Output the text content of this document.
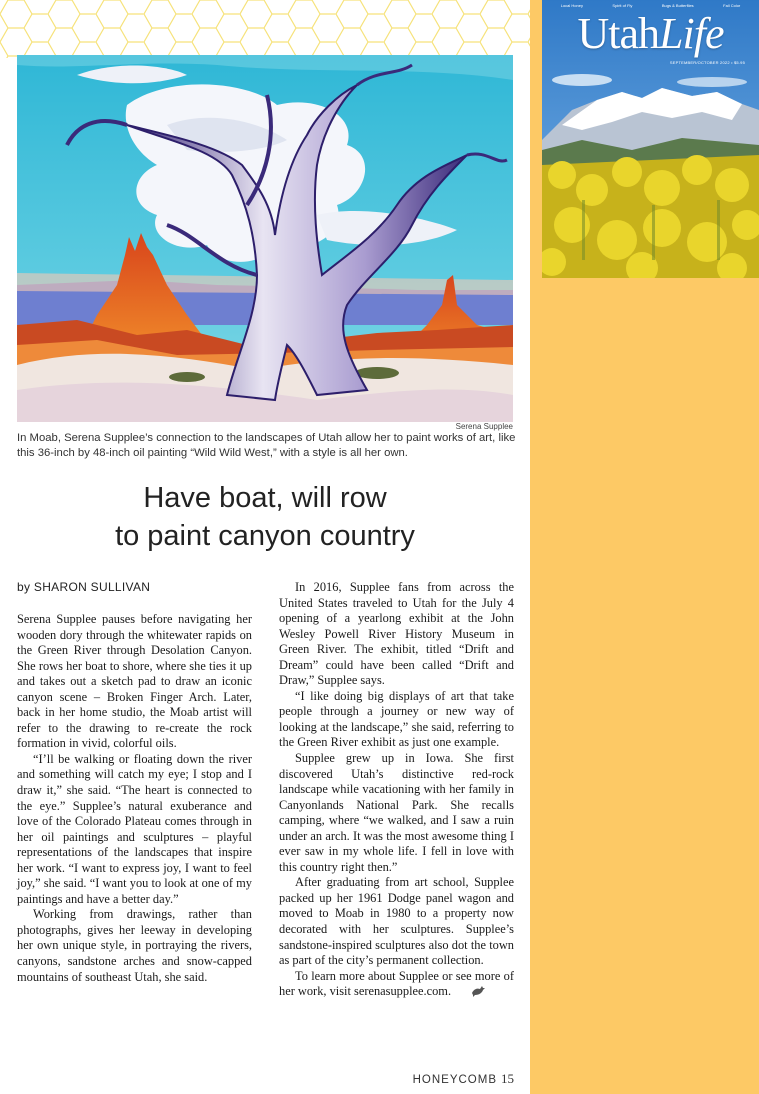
Local Honey	Spirit of Fly	Bugs & Butterflies	Fall Color
UtahLife
SEPTEMBER/OCTOBER 2022 • $5.95
Serena Supplee
In Moab, Serena Supplee’s connection to the landscapes of Utah allow her to paint works of art, like this 36-inch by 48-inch oil painting “Wild Wild West,” with a style is all her own.
Have boat, will row
to paint canyon country
by SHARON SULLIVAN

Serena Supplee pauses before navigating her wooden dory through the whitewater rapids on the Green River through Desolation Canyon. She rows her boat to shore, where she ties it up and takes out a sketch pad to draw an iconic canyon scene – Broken Finger Arch. Later, back in her home studio, the Moab artist will refer to the drawing to re-create the rock formation in vivid, colorful oils.

“I’ll be walking or floating down the river and something will catch my eye; I stop and I draw it,” she said. “The heart is connected to the eye.” Supplee’s natural exuberance and love of the Colorado Plateau comes through in her oil paintings and sculptures – playful representations of the landscapes that inspire her work. “I want to express joy, I want to feel joy,” she said. “I want you to look at one of my paintings and have a better day.”

Working from drawings, rather than photographs, gives her leeway in developing her own unique style, in portraying the rivers, canyons, sandstone arches and snow-capped mountains of southeast Utah, she said.

In 2016, Supplee fans from across the United States traveled to Utah for the July 4 opening of a yearlong exhibit at the John Wesley Powell River History Museum in Green River. The exhibit, titled “Drift and Dream” could have been called “Drift and Draw,” Supplee says.

“I like doing big displays of art that take people through a journey or new way of looking at the landscape,” she said, referring to the Green River exhibit as just one example.

Supplee grew up in Iowa. She first discovered Utah’s distinctive red-rock landscape while vacationing with her family in Canyonlands National Park. She recalls camping, where “we walked, and I saw a ruin under an arch. It was the most awesome thing I ever saw in my whole life. I fell in love with this country right then.”

After graduating from art school, Supplee packed up her 1961 Dodge panel wagon and moved to Moab in 1980 to a property now decorated with her sculptures. Supplee’s sandstone-inspired sculptures also dot the town as part of the city’s permanent collection.

To learn more about Supplee or see more of her work, visit serenasupplee.com.

HONEYCOMB 15
